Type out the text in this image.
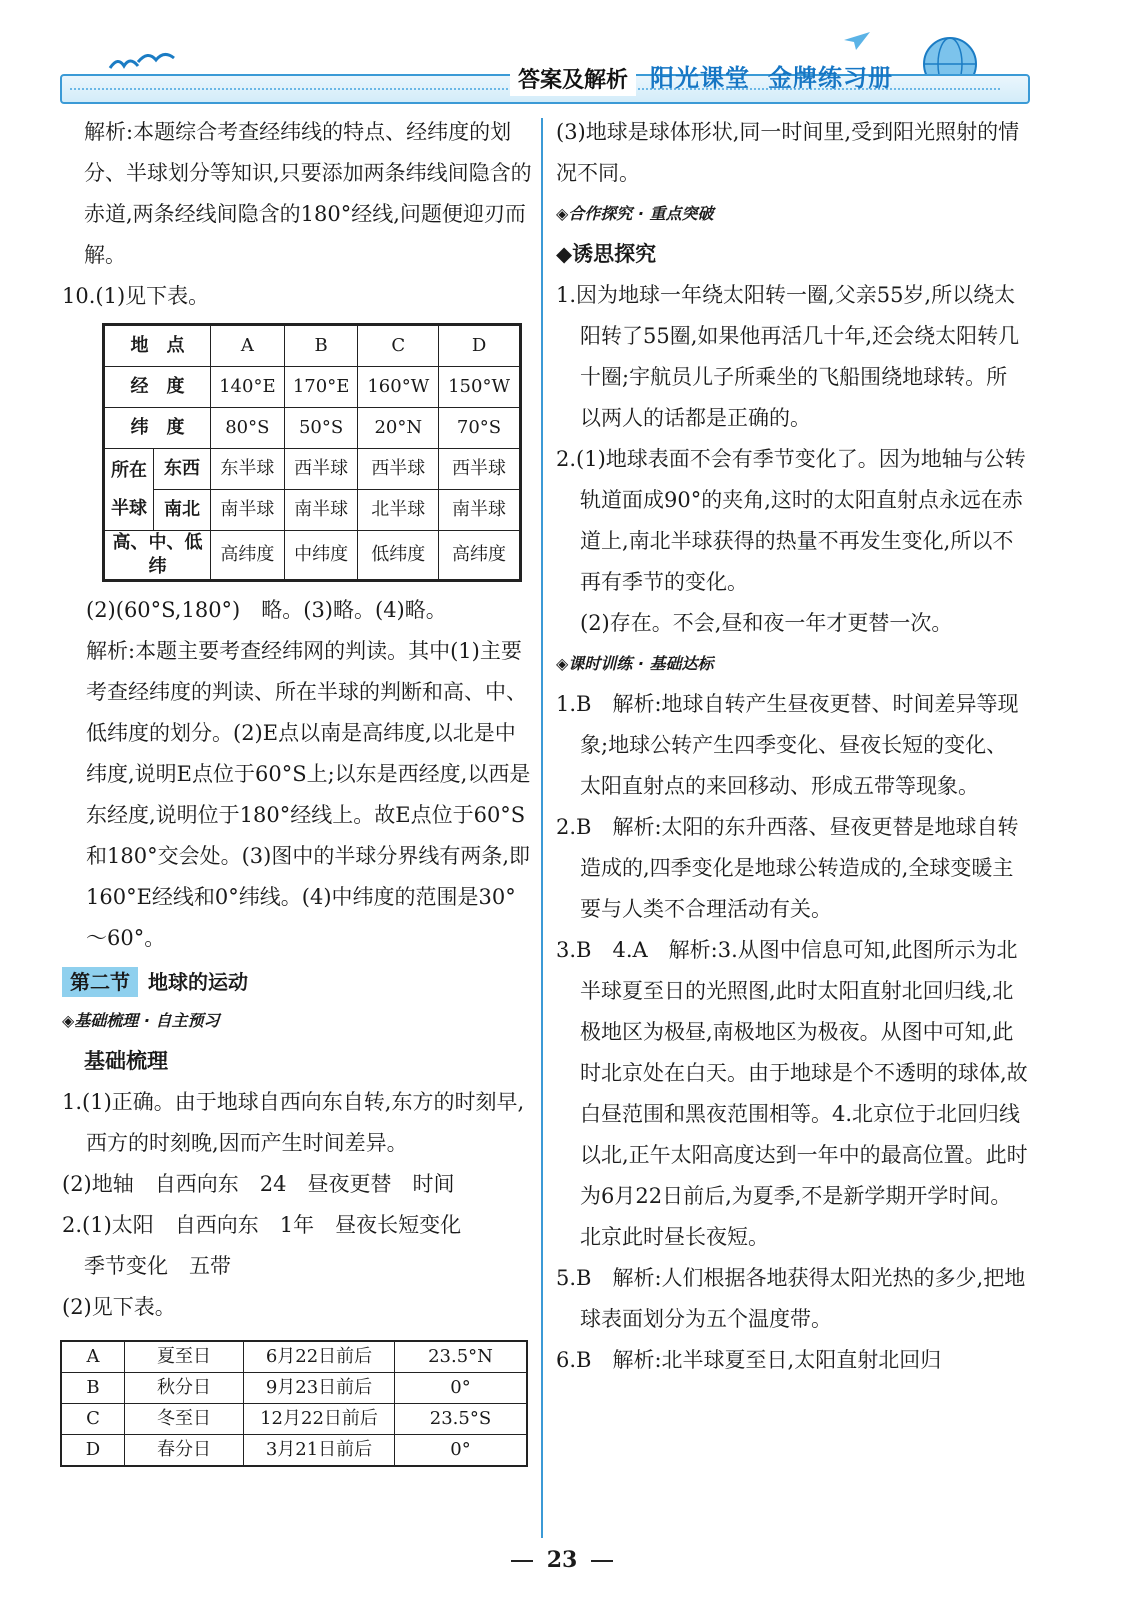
答案及解析 阳光课堂 金牌练习册

解析:本题综合考查经纬线的特点、经纬度的划分、半球划分等知识,只要添加两条纬线间隐含的赤道,两条经线间隐含的180°经线,问题便迎刃而解。

10.(1)见下表。

地　点		A	B	C	D
经　度		140°E	170°E	160°W	150°W
纬　度		80°S	50°S	20°N	70°S
所在半球	东西	东半球	西半球	西半球	西半球
	南北	南半球	南半球	北半球	南半球
高、中、低纬		高纬度	中纬度	低纬度	高纬度

(2)(60°S,180°)　略。(3)略。(4)略。

解析:本题主要考查经纬网的判读。其中(1)主要考查经纬度的判读、所在半球的判断和高、中、低纬度的划分。(2)E点以南是高纬度,以北是中纬度,说明E点位于60°S上;以东是西经度,以西是东经度,说明位于180°经线上。故E点位于60°S和180°交会处。(3)图中的半球分界线有两条,即160°E经线和0°纬线。(4)中纬度的范围是30°～60°。

第二节 地球的运动

◈基础梳理 · 自主预习

基础梳理

1.(1)正确。由于地球自西向东自转,东方的时刻早,西方的时刻晚,因而产生时间差异。

(2)地轴　自西向东　24　昼夜更替　时间

2.(1)太阳　自西向东　1年　昼夜长短变化

季节变化　五带

(2)见下表。

A	夏至日	6月22日前后	23.5°N
B	秋分日	9月23日前后	0°
C	冬至日	12月22日前后	23.5°S
D	春分日	3月21日前后	0°

(3)地球是球体形状,同一时间里,受到阳光照射的情况不同。

◈合作探究 · 重点突破

◆诱思探究

1.因为地球一年绕太阳转一圈,父亲55岁,所以绕太阳转了55圈,如果他再活几十年,还会绕太阳转几十圈;宇航员儿子所乘坐的飞船围绕地球转。所以两人的话都是正确的。

2.(1)地球表面不会有季节变化了。因为地轴与公转轨道面成90°的夹角,这时的太阳直射点永远在赤道上,南北半球获得的热量不再发生变化,所以不再有季节的变化。

(2)存在。不会,昼和夜一年才更替一次。

◈课时训练 · 基础达标

1.B　解析:地球自转产生昼夜更替、时间差异等现象;地球公转产生四季变化、昼夜长短的变化、太阳直射点的来回移动、形成五带等现象。

2.B　解析:太阳的东升西落、昼夜更替是地球自转造成的,四季变化是地球公转造成的,全球变暖主要与人类不合理活动有关。

3.B　4.A　解析:3.从图中信息可知,此图所示为北半球夏至日的光照图,此时太阳直射北回归线,北极地区为极昼,南极地区为极夜。从图中可知,此时北京处在白天。由于地球是个不透明的球体,故白昼范围和黑夜范围相等。4.北京位于北回归线以北,正午太阳高度达到一年中的最高位置。此时为6月22日前后,为夏季,不是新学期开学时间。北京此时昼长夜短。

5.B　解析:人们根据各地获得太阳光热的多少,把地球表面划分为五个温度带。

6.B　解析:北半球夏至日,太阳直射北回归

23
